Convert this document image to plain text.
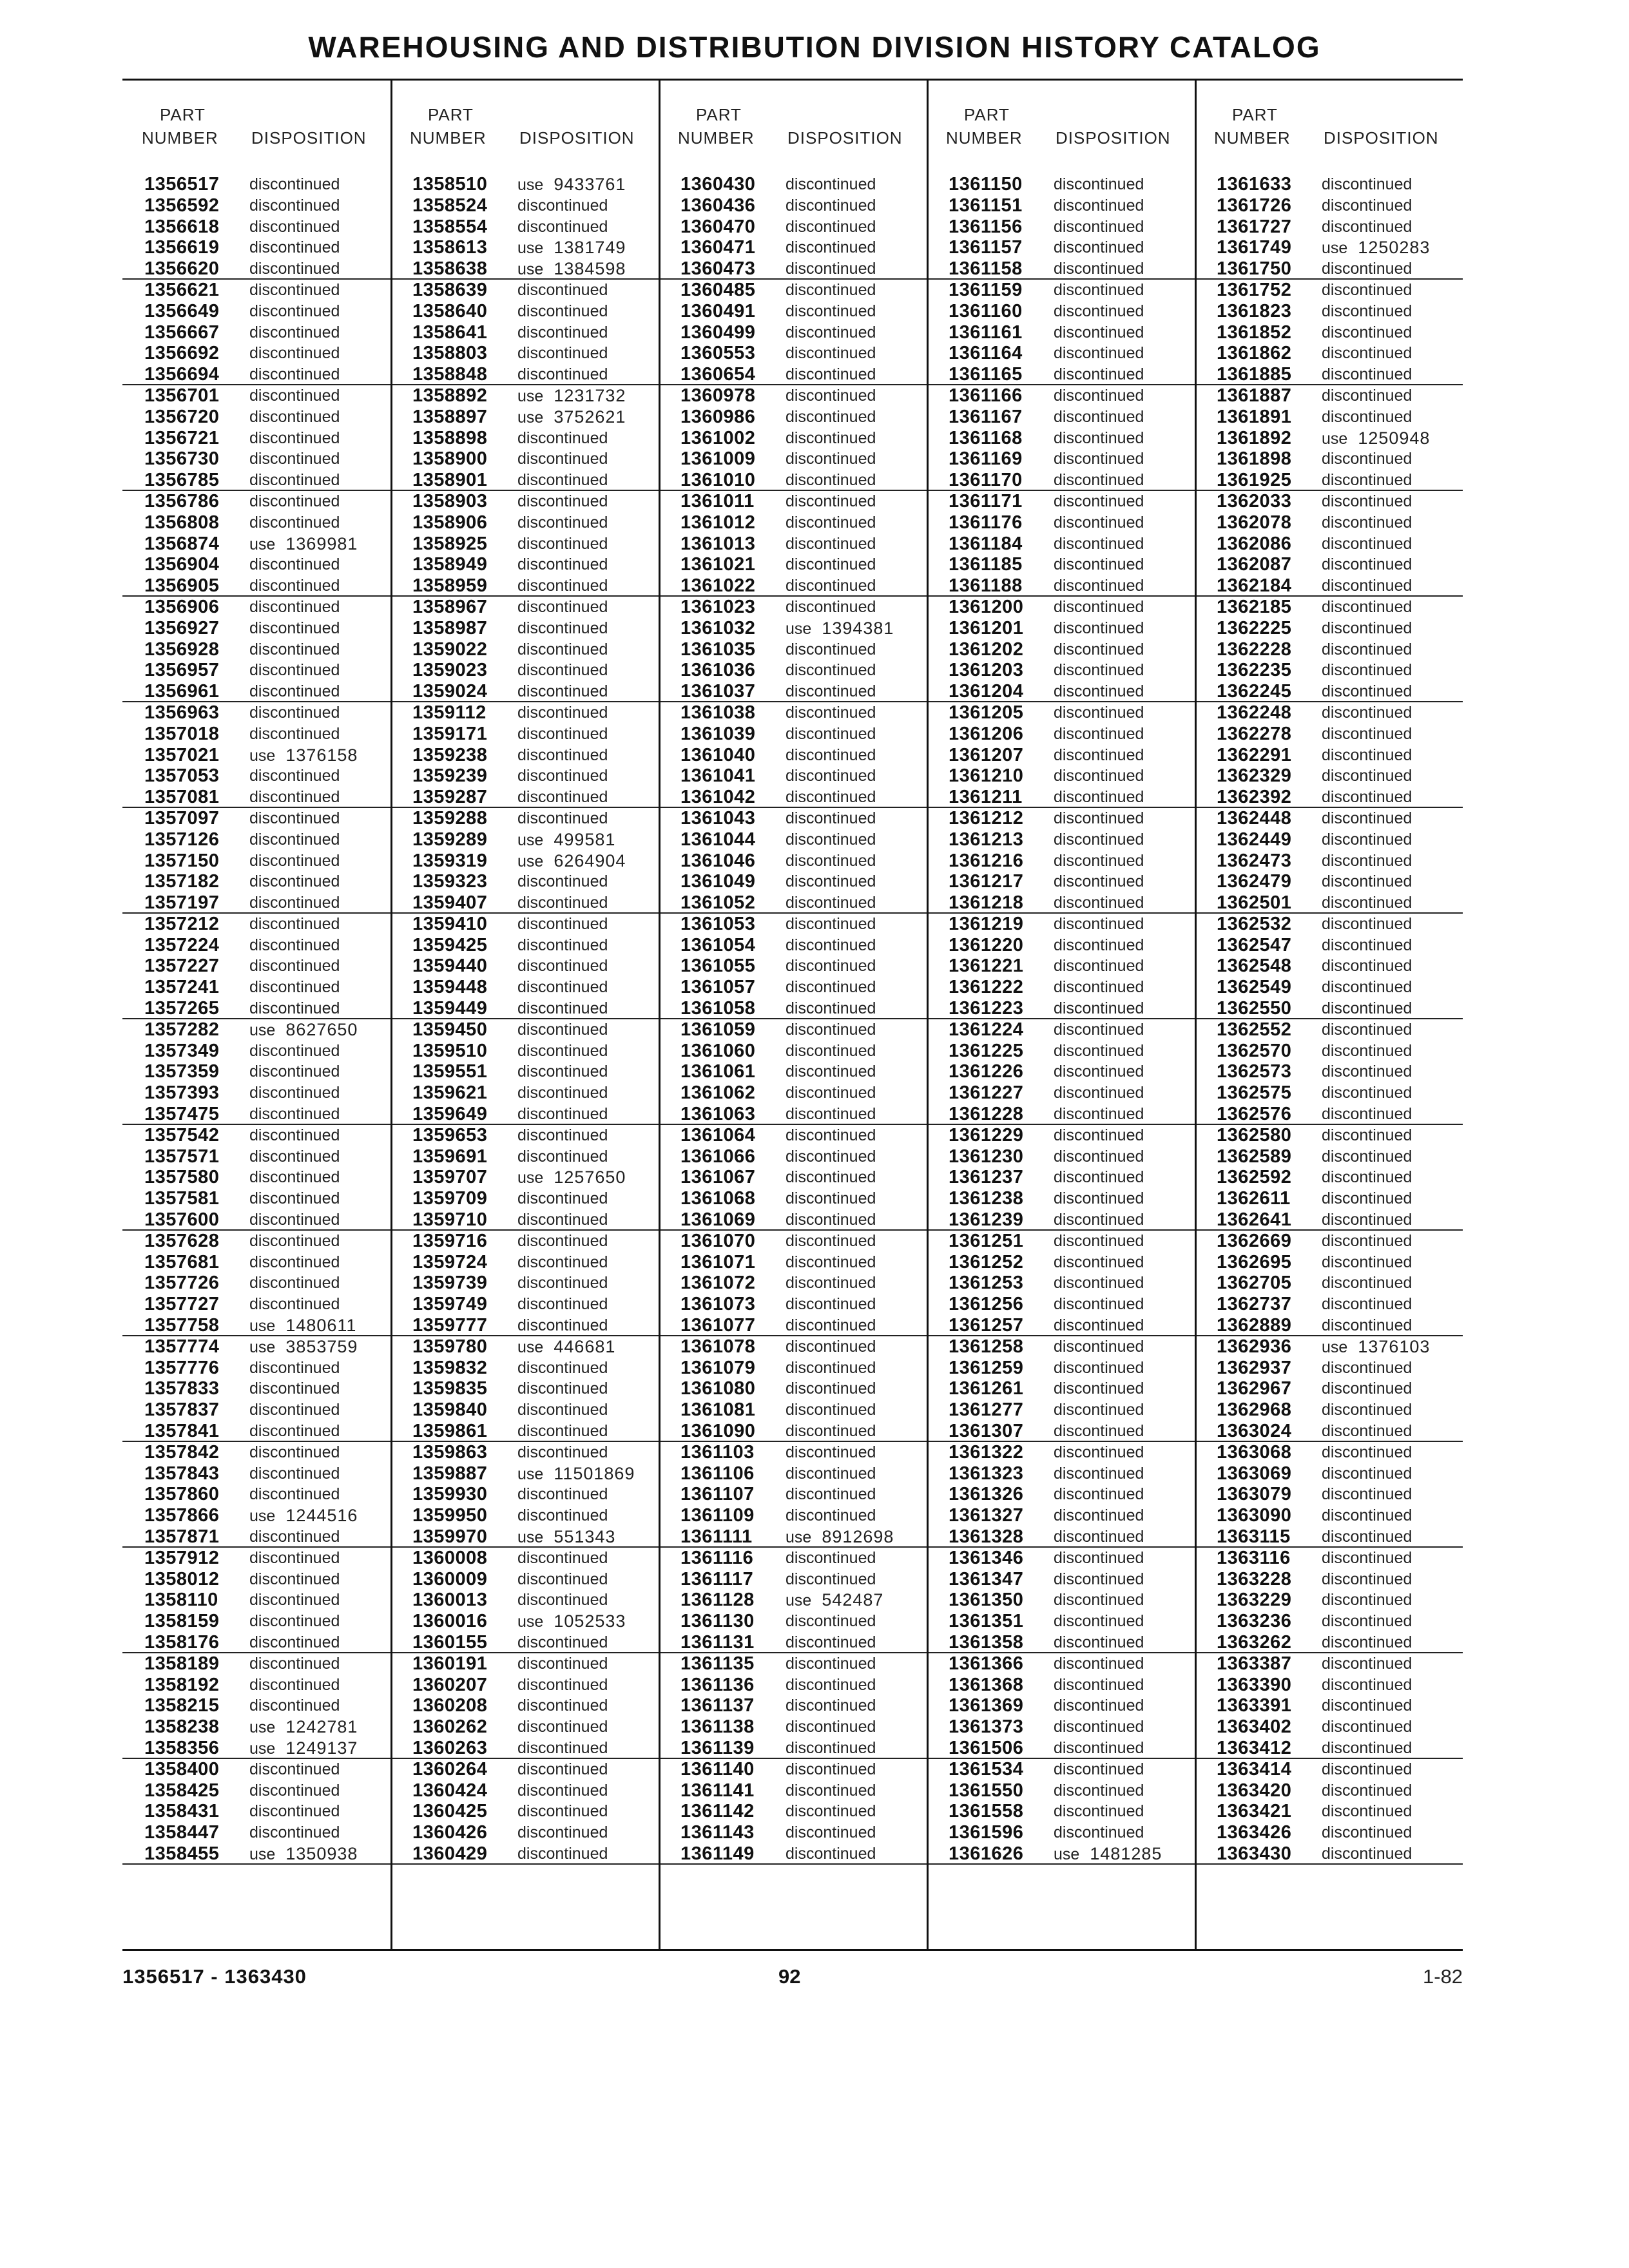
WAREHOUSING AND DISTRIBUTION DIVISION HISTORY CATALOG
PART
NUMBER DISPOSITION
1356517 discontinued
1356592 discontinued
1356618 discontinued
1356619 discontinued
1356620 discontinued
1356621 discontinued
1356649 discontinued
1356667 discontinued
1356692 discontinued
1356694 discontinued
1356701 discontinued
1356720 discontinued
1356721 discontinued
1356730 discontinued
1356785 discontinued
1356786 discontinued
1356808 discontinued
1356874 use 1369981
1356904 discontinued
1356905 discontinued
1356906 discontinued
1356927 discontinued
1356928 discontinued
1356957 discontinued
1356961 discontinued
1356963 discontinued
1357018 discontinued
1357021 use 1376158
1357053 discontinued
1357081 discontinued
1357097 discontinued
1357126 discontinued
1357150 discontinued
1357182 discontinued
1357197 discontinued
1357212 discontinued
1357224 discontinued
1357227 discontinued
1357241 discontinued
1357265 discontinued
1357282 use 8627650
1357349 discontinued
1357359 discontinued
1357393 discontinued
1357475 discontinued
1357542 discontinued
1357571 discontinued
1357580 discontinued
1357581 discontinued
1357600 discontinued
1357628 discontinued
1357681 discontinued
1357726 discontinued
1357727 discontinued
1357758 use 1480611
1357774 use 3853759
1357776 discontinued
1357833 discontinued
1357837 discontinued
1357841 discontinued
1357842 discontinued
1357843 discontinued
1357860 discontinued
1357866 use 1244516
1357871 discontinued
1357912 discontinued
1358012 discontinued
1358110 discontinued
1358159 discontinued
1358176 discontinued
1358189 discontinued
1358192 discontinued
1358215 discontinued
1358238 use 1242781
1358356 use 1249137
1358400 discontinued
1358425 discontinued
1358431 discontinued
1358447 discontinued
1358455 use 1350938
PART
NUMBER DISPOSITION
1358510 use 9433761
1358524 discontinued
1358554 discontinued
1358613 use 1381749
1358638 use 1384598
1358639 discontinued
1358640 discontinued
1358641 discontinued
1358803 discontinued
1358848 discontinued
1358892 use 1231732
1358897 use 3752621
1358898 discontinued
1358900 discontinued
1358901 discontinued
1358903 discontinued
1358906 discontinued
1358925 discontinued
1358949 discontinued
1358959 discontinued
1358967 discontinued
1358987 discontinued
1359022 discontinued
1359023 discontinued
1359024 discontinued
1359112 discontinued
1359171 discontinued
1359238 discontinued
1359239 discontinued
1359287 discontinued
1359288 discontinued
1359289 use 499581
1359319 use 6264904
1359323 discontinued
1359407 discontinued
1359410 discontinued
1359425 discontinued
1359440 discontinued
1359448 discontinued
1359449 discontinued
1359450 discontinued
1359510 discontinued
1359551 discontinued
1359621 discontinued
1359649 discontinued
1359653 discontinued
1359691 discontinued
1359707 use 1257650
1359709 discontinued
1359710 discontinued
1359716 discontinued
1359724 discontinued
1359739 discontinued
1359749 discontinued
1359777 discontinued
1359780 use 446681
1359832 discontinued
1359835 discontinued
1359840 discontinued
1359861 discontinued
1359863 discontinued
1359887 use 11501869
1359930 discontinued
1359950 discontinued
1359970 use 551343
1360008 discontinued
1360009 discontinued
1360013 discontinued
1360016 use 1052533
1360155 discontinued
1360191 discontinued
1360207 discontinued
1360208 discontinued
1360262 discontinued
1360263 discontinued
1360264 discontinued
1360424 discontinued
1360425 discontinued
1360426 discontinued
1360429 discontinued
PART
NUMBER DISPOSITION
1360430 discontinued
1360436 discontinued
1360470 discontinued
1360471 discontinued
1360473 discontinued
1360485 discontinued
1360491 discontinued
1360499 discontinued
1360553 discontinued
1360654 discontinued
1360978 discontinued
1360986 discontinued
1361002 discontinued
1361009 discontinued
1361010 discontinued
1361011 discontinued
1361012 discontinued
1361013 discontinued
1361021 discontinued
1361022 discontinued
1361023 discontinued
1361032 use 1394381
1361035 discontinued
1361036 discontinued
1361037 discontinued
1361038 discontinued
1361039 discontinued
1361040 discontinued
1361041 discontinued
1361042 discontinued
1361043 discontinued
1361044 discontinued
1361046 discontinued
1361049 discontinued
1361052 discontinued
1361053 discontinued
1361054 discontinued
1361055 discontinued
1361057 discontinued
1361058 discontinued
1361059 discontinued
1361060 discontinued
1361061 discontinued
1361062 discontinued
1361063 discontinued
1361064 discontinued
1361066 discontinued
1361067 discontinued
1361068 discontinued
1361069 discontinued
1361070 discontinued
1361071 discontinued
1361072 discontinued
1361073 discontinued
1361077 discontinued
1361078 discontinued
1361079 discontinued
1361080 discontinued
1361081 discontinued
1361090 discontinued
1361103 discontinued
1361106 discontinued
1361107 discontinued
1361109 discontinued
1361111 use 8912698
1361116 discontinued
1361117 discontinued
1361128 use 542487
1361130 discontinued
1361131 discontinued
1361135 discontinued
1361136 discontinued
1361137 discontinued
1361138 discontinued
1361139 discontinued
1361140 discontinued
1361141 discontinued
1361142 discontinued
1361143 discontinued
1361149 discontinued
PART
NUMBER DISPOSITION
1361150 discontinued
1361151 discontinued
1361156 discontinued
1361157 discontinued
1361158 discontinued
1361159 discontinued
1361160 discontinued
1361161 discontinued
1361164 discontinued
1361165 discontinued
1361166 discontinued
1361167 discontinued
1361168 discontinued
1361169 discontinued
1361170 discontinued
1361171 discontinued
1361176 discontinued
1361184 discontinued
1361185 discontinued
1361188 discontinued
1361200 discontinued
1361201 discontinued
1361202 discontinued
1361203 discontinued
1361204 discontinued
1361205 discontinued
1361206 discontinued
1361207 discontinued
1361210 discontinued
1361211 discontinued
1361212 discontinued
1361213 discontinued
1361216 discontinued
1361217 discontinued
1361218 discontinued
1361219 discontinued
1361220 discontinued
1361221 discontinued
1361222 discontinued
1361223 discontinued
1361224 discontinued
1361225 discontinued
1361226 discontinued
1361227 discontinued
1361228 discontinued
1361229 discontinued
1361230 discontinued
1361237 discontinued
1361238 discontinued
1361239 discontinued
1361251 discontinued
1361252 discontinued
1361253 discontinued
1361256 discontinued
1361257 discontinued
1361258 discontinued
1361259 discontinued
1361261 discontinued
1361277 discontinued
1361307 discontinued
1361322 discontinued
1361323 discontinued
1361326 discontinued
1361327 discontinued
1361328 discontinued
1361346 discontinued
1361347 discontinued
1361350 discontinued
1361351 discontinued
1361358 discontinued
1361366 discontinued
1361368 discontinued
1361369 discontinued
1361373 discontinued
1361506 discontinued
1361534 discontinued
1361550 discontinued
1361558 discontinued
1361596 discontinued
1361626 use 1481285
PART
NUMBER DISPOSITION
1361633 discontinued
1361726 discontinued
1361727 discontinued
1361749 use 1250283
1361750 discontinued
1361752 discontinued
1361823 discontinued
1361852 discontinued
1361862 discontinued
1361885 discontinued
1361887 discontinued
1361891 discontinued
1361892 use 1250948
1361898 discontinued
1361925 discontinued
1362033 discontinued
1362078 discontinued
1362086 discontinued
1362087 discontinued
1362184 discontinued
1362185 discontinued
1362225 discontinued
1362228 discontinued
1362235 discontinued
1362245 discontinued
1362248 discontinued
1362278 discontinued
1362291 discontinued
1362329 discontinued
1362392 discontinued
1362448 discontinued
1362449 discontinued
1362473 discontinued
1362479 discontinued
1362501 discontinued
1362532 discontinued
1362547 discontinued
1362548 discontinued
1362549 discontinued
1362550 discontinued
1362552 discontinued
1362570 discontinued
1362573 discontinued
1362575 discontinued
1362576 discontinued
1362580 discontinued
1362589 discontinued
1362592 discontinued
1362611 discontinued
1362641 discontinued
1362669 discontinued
1362695 discontinued
1362705 discontinued
1362737 discontinued
1362889 discontinued
1362936 use 1376103
1362937 discontinued
1362967 discontinued
1362968 discontinued
1363024 discontinued
1363068 discontinued
1363069 discontinued
1363079 discontinued
1363090 discontinued
1363115 discontinued
1363116 discontinued
1363228 discontinued
1363229 discontinued
1363236 discontinued
1363262 discontinued
1363387 discontinued
1363390 discontinued
1363391 discontinued
1363402 discontinued
1363412 discontinued
1363414 discontinued
1363420 discontinued
1363421 discontinued
1363426 discontinued
1363430 discontinued
1356517 - 1363430	92	1-82
